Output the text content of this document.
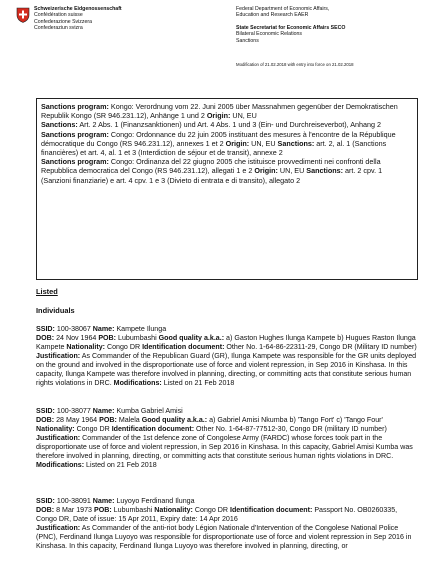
Schweizerische Eidgenossenschaft
Confédération suisse
Confederazione Svizzera
Confederaziun svizra
Federal Department of Economic Affairs,
Education and Research EAER
State Secretariat for Economic Affairs SECO
Bilateral Economic Relations
Sanctions
Modification of 21.02.2018 with entry into force on 21.02.2018

Sanctions program: Kongo: Verordnung vom 22. Juni 2005 über Massnahmen gegenüber der Demokratischen Republik Kongo (SR 946.231.12), Anhänge 1 und 2 Origin: UN, EU

Sanctions: Art. 2 Abs. 1 (Finanzsanktionen) und Art. 4 Abs. 1 und 3 (Ein- und Durchreiseverbot), Anhang 2

Sanctions program: Congo: Ordonnance du 22 juin 2005 instituant des mesures à l'encontre de la République démocratique du Congo (RS 946.231.12), annexes 1 et 2 Origin: UN, EU Sanctions: art. 2, al. 1 (Sanctions financières) et art. 4, al. 1 et 3 (Interdiction de séjour et de transit), annexe 2

Sanctions program: Congo: Ordinanza del 22 giugno 2005 che istituisce provvedimenti nei confronti della Repubblica democratica del Congo (RS 946.231.12), allegati 1 e 2 Origin: UN, EU Sanctions: art. 2 cpv. 1 (Sanzioni finanziarie) e art. 4 cpv. 1 e 3 (Divieto di entrata e di transito), allegato 2

Listed
Individuals

SSID: 100-38067 Name: Kampete Ilunga

DOB: 24 Nov 1964 POB: Lubumbashi Good quality a.k.a.: a) Gaston Hughes Ilunga Kampete b) Hugues Raston Ilunga Kampete Nationality: Congo DR Identification document: Other No. 1-64-86-22311-29, Congo DR (Military ID number)

Justification: As Commander of the Republican Guard (GR), Ilunga Kampete was responsible for the GR units deployed on the ground and involved in the disproportionate use of force and violent repression, in Sep 2016 in Kinshasa. In this capacity, Ilunga Kampete was therefore involved in planning, directing, or committing acts that constitute serious human rights violations in DRC. Modifications: Listed on 21 Feb 2018

SSID: 100-38077 Name: Kumba Gabriel Amisi

DOB: 28 May 1964 POB: Malela Good quality a.k.a.: a) Gabriel Amisi Nkumba b) 'Tango Fort' c) 'Tango Four' Nationality: Congo DR Identification document: Other No. 1-64-87-77512-30, Congo DR (military ID number)

Justification: Commander of the 1st defence zone of Congolese Army (FARDC) whose forces took part in the disproportionate use of force and violent repression, in Sep 2016 in Kinshasa. In this capacity, Gabriel Amisi Kumba was therefore involved in planning, directing, or committing acts that constitute serious human rights violations in DRC. Modifications: Listed on 21 Feb 2018

SSID: 100-38091 Name: Luyoyo Ferdinand Ilunga

DOB: 8 Mar 1973 POB: Lubumbashi Nationality: Congo DR Identification document: Passport No. OB0260335, Congo DR, Date of issue: 15 Apr 2011, Expiry date: 14 Apr 2016

Justification: As Commander of the anti-riot body Légion Nationale d'Intervention of the Congolese National Police (PNC), Ferdinand Ilunga Luyoyo was responsible for disproportionate use of force and violent repression in Sep 2016 in Kinshasa. In this capacity, Ferdinand Ilunga Luyoyo was therefore involved in planning, directing, or
